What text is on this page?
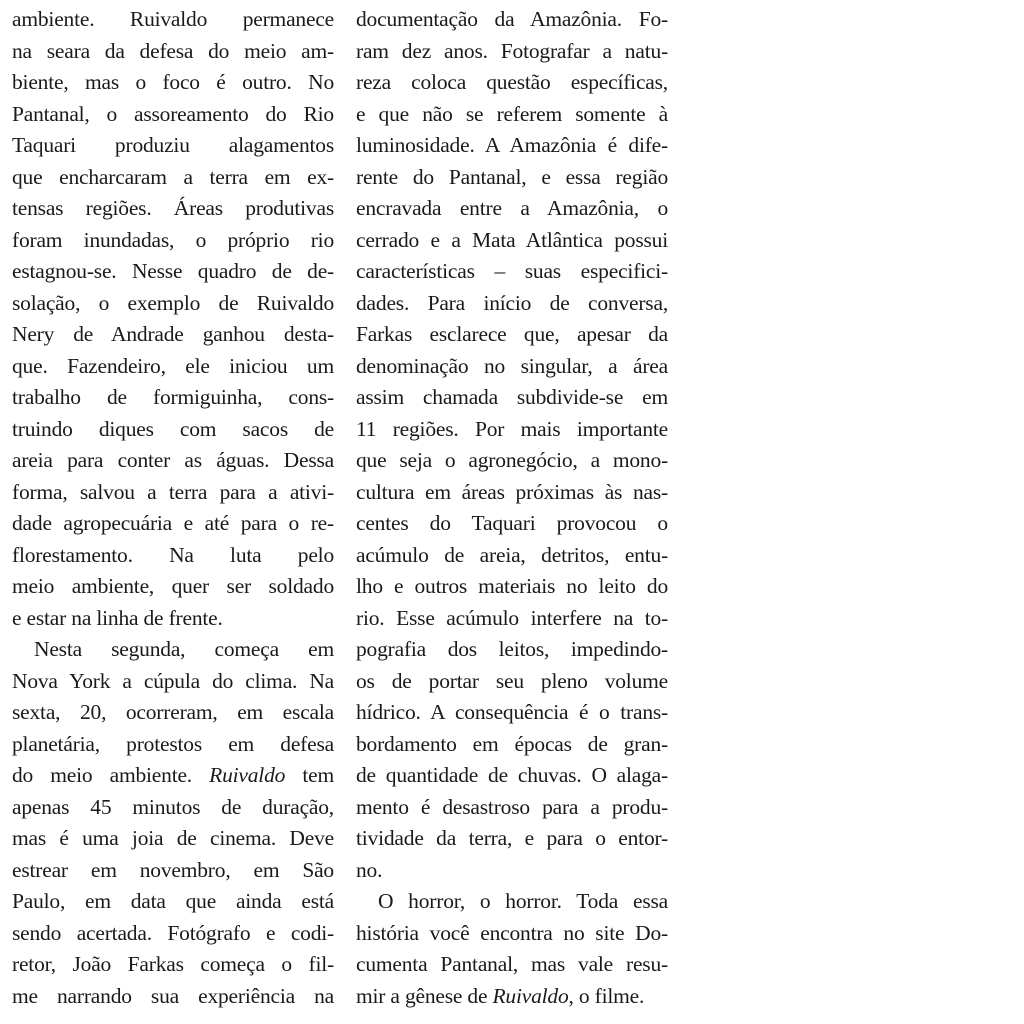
ambiente. Ruivaldo permanece
na seara da defesa do meio am-
biente, mas o foco é outro. No
Pantanal, o assoreamento do Rio
Taquari produziu alagamentos
que encharcaram a terra em ex-
tensas regiões. Áreas produtivas
foram inundadas, o próprio rio
estagnou-se. Nesse quadro de de-
solação, o exemplo de Ruivaldo
Nery de Andrade ganhou desta-
que. Fazendeiro, ele iniciou um
trabalho de formiguinha, cons-
truindo diques com sacos de
areia para conter as águas. Dessa
forma, salvou a terra para a ativi-
dade agropecuária e até para o re-
florestamento. Na luta pelo
meio ambiente, quer ser soldado
e estar na linha de frente.
Nesta segunda, começa em
Nova York a cúpula do clima. Na
sexta, 20, ocorreram, em escala
planetária, protestos em defesa
do meio ambiente. Ruivaldo tem
apenas 45 minutos de duração,
mas é uma joia de cinema. Deve
estrear em novembro, em São
Paulo, em data que ainda está
sendo acertada. Fotógrafo e codi-
retor, João Farkas começa o fil-
me narrando sua experiência na
documentação da Amazônia. Fo-
ram dez anos. Fotografar a natu-
reza coloca questão específicas,
e que não se referem somente à
luminosidade. A Amazônia é dife-
rente do Pantanal, e essa região
encravada entre a Amazônia, o
cerrado e a Mata Atlântica possui
características – suas especifici-
dades. Para início de conversa,
Farkas esclarece que, apesar da
denominação no singular, a área
assim chamada subdivide-se em
11 regiões. Por mais importante
que seja o agronegócio, a mono-
cultura em áreas próximas às nas-
centes do Taquari provocou o
acúmulo de areia, detritos, entu-
lho e outros materiais no leito do
rio. Esse acúmulo interfere na to-
pografia dos leitos, impedindo-
os de portar seu pleno volume
hídrico. A consequência é o trans-
bordamento em épocas de gran-
de quantidade de chuvas. O alaga-
mento é desastroso para a produ-
tividade da terra, e para o entor-
no.
O horror, o horror. Toda essa
história você encontra no site Do-
cumenta Pantanal, mas vale resu-
mir a gênese de Ruivaldo, o filme.
